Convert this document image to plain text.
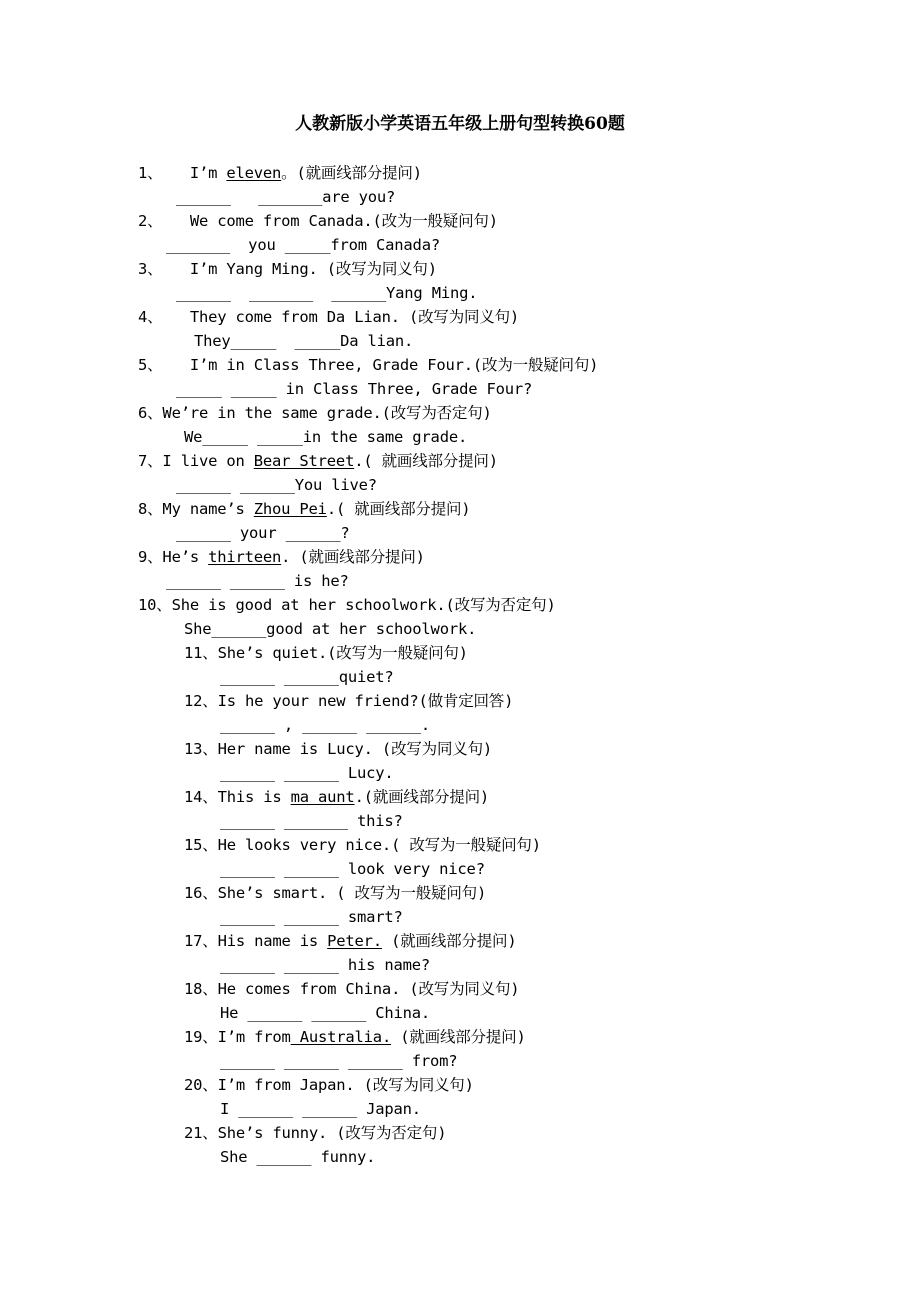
人教新版小学英语五年级上册句型转换60题
1、   I’m eleven。(就画线部分提问)
______   _______are you?
2、   We come from Canada.(改为一般疑问句)
_______  you _____from Canada?
3、   I’m Yang Ming. (改写为同义句)
______  _______  ______Yang Ming.
4、   They come from Da Lian. (改写为同义句)
They_____  _____Da lian.
5、   I’m in Class Three, Grade Four.(改为一般疑问句)
_____ _____ in Class Three, Grade Four?
6、We’re in the same grade.(改写为否定句)
We_____ _____in the same grade.
7、I live on Bear Street.( 就画线部分提问)
______ ______You live?
8、My name’s Zhou Pei.( 就画线部分提问)
______ your ______?
9、He’s thirteen. (就画线部分提问)
______ ______ is he?
10、She is good at her schoolwork.(改写为否定句)
She______good at her schoolwork.
11、She’s quiet.(改写为一般疑问句)
______ ______quiet?
12、Is he your new friend?(做肯定回答)
______ , ______ ______.
13、Her name is Lucy. (改写为同义句)
______ ______ Lucy.
14、This is ma aunt.(就画线部分提问)
______ _______ this?
15、He looks very nice.( 改写为一般疑问句)
______ ______ look very nice?
16、She’s smart. ( 改写为一般疑问句)
______ ______ smart?
17、His name is Peter. (就画线部分提问)
______ ______ his name?
18、He comes from China. (改写为同义句)
He ______ ______ China.
19、I’m from Australia. (就画线部分提问)
______ ______ ______ from?
20、I’m from Japan. (改写为同义句)
I ______ ______ Japan.
21、She’s funny. (改写为否定句)
She ______ funny.
